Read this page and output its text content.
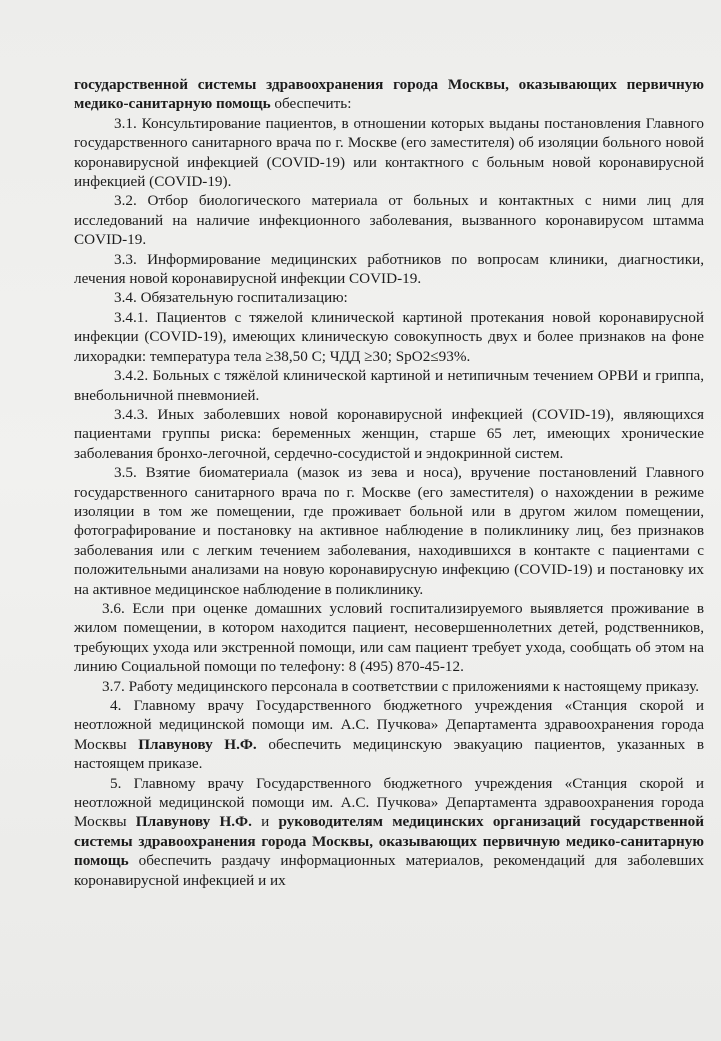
государственной системы здравоохранения города Москвы, оказывающих первичную медико-санитарную помощь обеспечить:

3.1. Консультирование пациентов, в отношении которых выданы постановления Главного государственного санитарного врача по г. Москве (его заместителя) об изоляции больного новой коронавирусной инфекцией (COVID-19) или контактного с больным новой коронавирусной инфекцией (COVID-19).

3.2. Отбор биологического материала от больных и контактных с ними лиц для исследований на наличие инфекционного заболевания, вызванного коронавирусом штамма COVID-19.

3.3. Информирование медицинских работников по вопросам клиники, диагностики, лечения новой коронавирусной инфекции COVID-19.

3.4. Обязательную госпитализацию:

3.4.1. Пациентов с тяжелой клинической картиной протекания новой коронавирусной инфекции (COVID-19), имеющих клиническую совокупность двух и более признаков на фоне лихорадки: температура тела ≥38,50 С; ЧДД ≥30; SpO2≤93%.

3.4.2. Больных с тяжёлой клинической картиной и нетипичным течением ОРВИ и гриппа, внебольничной пневмонией.

3.4.3. Иных заболевших новой коронавирусной инфекцией (COVID-19), являющихся пациентами группы риска: беременных женщин, старше 65 лет, имеющих хронические заболевания бронхо-легочной, сердечно-сосудистой и эндокринной систем.

3.5. Взятие биоматериала (мазок из зева и носа), вручение постановлений Главного государственного санитарного врача по г. Москве (его заместителя) о нахождении в режиме изоляции в том же помещении, где проживает больной или в другом жилом помещении, фотографирование и постановку на активное наблюдение в поликлинику лиц, без признаков заболевания или с легким течением заболевания, находившихся в контакте с пациентами с положительными анализами на новую коронавирусную инфекцию (COVID-19) и постановку их на активное медицинское наблюдение в поликлинику.

3.6. Если при оценке домашних условий госпитализируемого выявляется проживание в жилом помещении, в котором находится пациент, несовершеннолетних детей, родственников, требующих ухода или экстренной помощи, или сам пациент требует ухода, сообщать об этом на линию Социальной помощи по телефону: 8 (495) 870-45-12.

3.7. Работу медицинского персонала в соответствии с приложениями к настоящему приказу.

4. Главному врачу Государственного бюджетного учреждения «Станция скорой и неотложной медицинской помощи им. А.С. Пучкова» Департамента здравоохранения города Москвы Плавунову Н.Ф. обеспечить медицинскую эвакуацию пациентов, указанных в настоящем приказе.

5. Главному врачу Государственного бюджетного учреждения «Станция скорой и неотложной медицинской помощи им. А.С. Пучкова» Департамента здравоохранения города Москвы Плавунову Н.Ф. и руководителям медицинских организаций государственной системы здравоохранения города Москвы, оказывающих первичную медико-санитарную помощь обеспечить раздачу информационных материалов, рекомендаций для заболевших коронавирусной инфекцией и их
